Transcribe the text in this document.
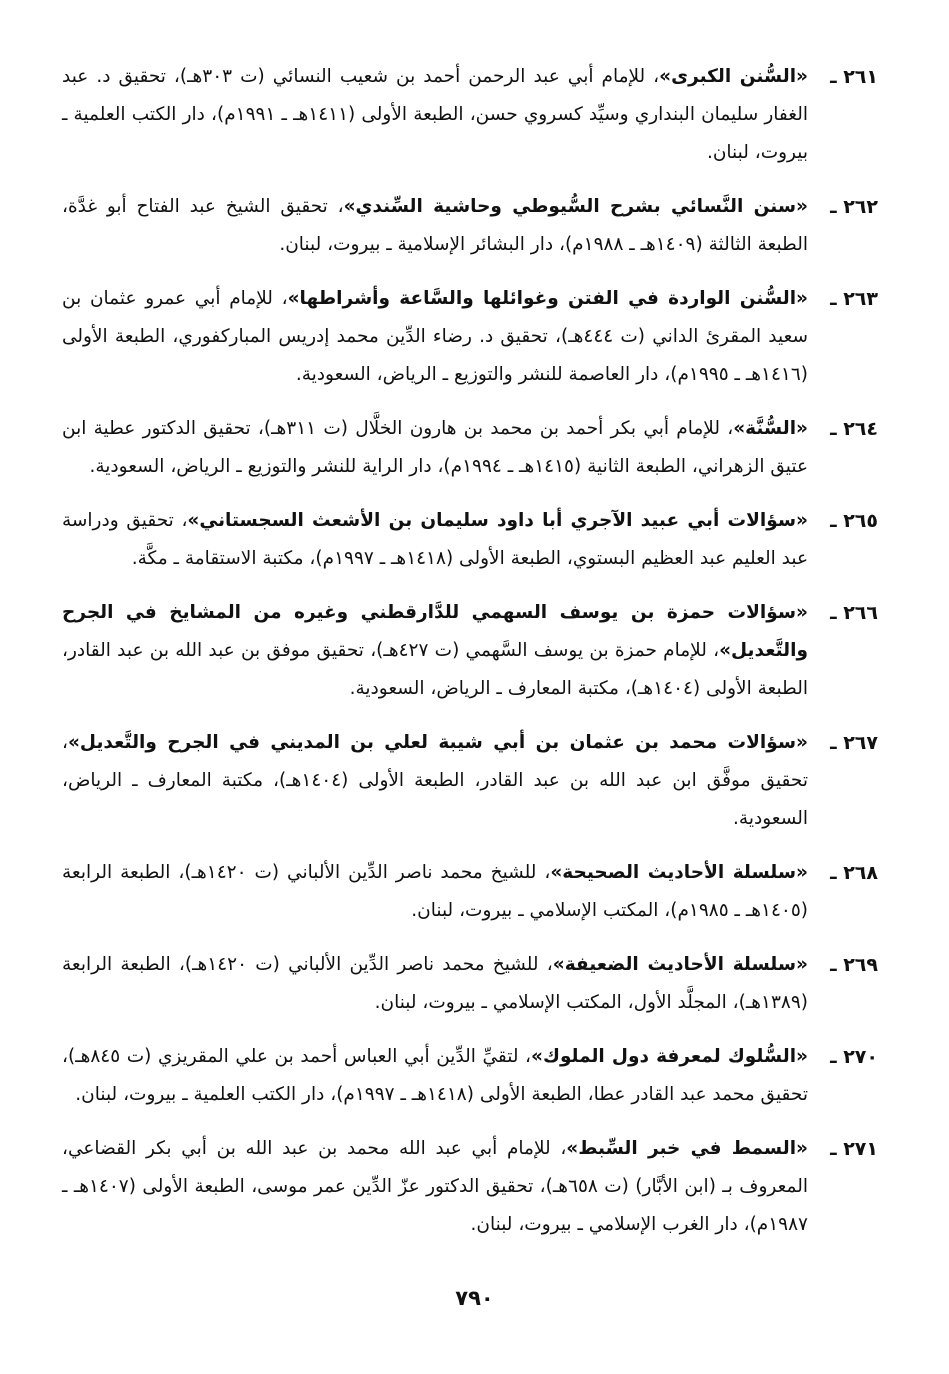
٢٦١ ـ
«السُّنن الكبرى»، للإمام أبي عبد الرحمن أحمد بن شعيب النسائي (ت ٣٠٣هـ)، تحقيق د. عبد الغفار سليمان البنداري وسيِّد كسروي حسن، الطبعة الأولى (١٤١١هـ ـ ١٩٩١م)، دار الكتب العلمية ـ بيروت، لبنان.
٢٦٢ ـ
«سنن النَّسائي بشرح السُّيوطي وحاشية السِّندي»، تحقيق الشيخ عبد الفتاح أبو غدَّة، الطبعة الثالثة (١٤٠٩هـ ـ ١٩٨٨م)، دار البشائر الإسلامية ـ بيروت، لبنان.
٢٦٣ ـ
«السُّنن الواردة في الفتن وغوائلها والسَّاعة وأشراطها»، للإمام أبي عمرو عثمان بن سعيد المقرئ الداني (ت ٤٤٤هـ)، تحقيق د. رضاء الدِّين محمد إدريس المباركفوري، الطبعة الأولى (١٤١٦هـ ـ ١٩٩٥م)، دار العاصمة للنشر والتوزيع ـ الرياض، السعودية.
٢٦٤ ـ
«السُّنَّة»، للإمام أبي بكر أحمد بن محمد بن هارون الخلَّال (ت ٣١١هـ)، تحقيق الدكتور عطية ابن عتيق الزهراني، الطبعة الثانية (١٤١٥هـ ـ ١٩٩٤م)، دار الراية للنشر والتوزيع ـ الرياض، السعودية.
٢٦٥ ـ
«سؤالات أبي عبيد الآجري أبا داود سليمان بن الأشعث السجستاني»، تحقيق ودراسة عبد العليم عبد العظيم البستوي، الطبعة الأولى (١٤١٨هـ ـ ١٩٩٧م)، مكتبة الاستقامة ـ مكَّة.
٢٦٦ ـ
«سؤالات حمزة بن يوسف السهمي للدَّارقطني وغيره من المشايخ في الجرح والتَّعديل»، للإمام حمزة بن يوسف السَّهمي (ت ٤٢٧هـ)، تحقيق موفق بن عبد الله بن عبد القادر، الطبعة الأولى (١٤٠٤هـ)، مكتبة المعارف ـ الرياض، السعودية.
٢٦٧ ـ
«سؤالات محمد بن عثمان بن أبي شيبة لعلي بن المديني في الجرح والتَّعديل»، تحقيق موفَّق ابن عبد الله بن عبد القادر، الطبعة الأولى (١٤٠٤هـ)، مكتبة المعارف ـ الرياض، السعودية.
٢٦٨ ـ
«سلسلة الأحاديث الصحيحة»، للشيخ محمد ناصر الدِّين الألباني (ت ١٤٢٠هـ)، الطبعة الرابعة (١٤٠٥هـ ـ ١٩٨٥م)، المكتب الإسلامي ـ بيروت، لبنان.
٢٦٩ ـ
«سلسلة الأحاديث الضعيفة»، للشيخ محمد ناصر الدِّين الألباني (ت ١٤٢٠هـ)، الطبعة الرابعة (١٣٨٩هـ)، المجلَّد الأول، المكتب الإسلامي ـ بيروت، لبنان.
٢٧٠ ـ
«السُّلوك لمعرفة دول الملوك»، لتقيِّ الدِّين أبي العباس أحمد بن علي المقريزي (ت ٨٤٥هـ)، تحقيق محمد عبد القادر عطا، الطبعة الأولى (١٤١٨هـ ـ ١٩٩٧م)، دار الكتب العلمية ـ بيروت، لبنان.
٢٧١ ـ
«السمط في خبر السِّبط»، للإمام أبي عبد الله محمد بن عبد الله بن أبي بكر القضاعي، المعروف بـ (ابن الأبَّار) (ت ٦٥٨هـ)، تحقيق الدكتور عزّ الدِّين عمر موسى، الطبعة الأولى (١٤٠٧هـ ـ ١٩٨٧م)، دار الغرب الإسلامي ـ بيروت، لبنان.
٧٩٠
